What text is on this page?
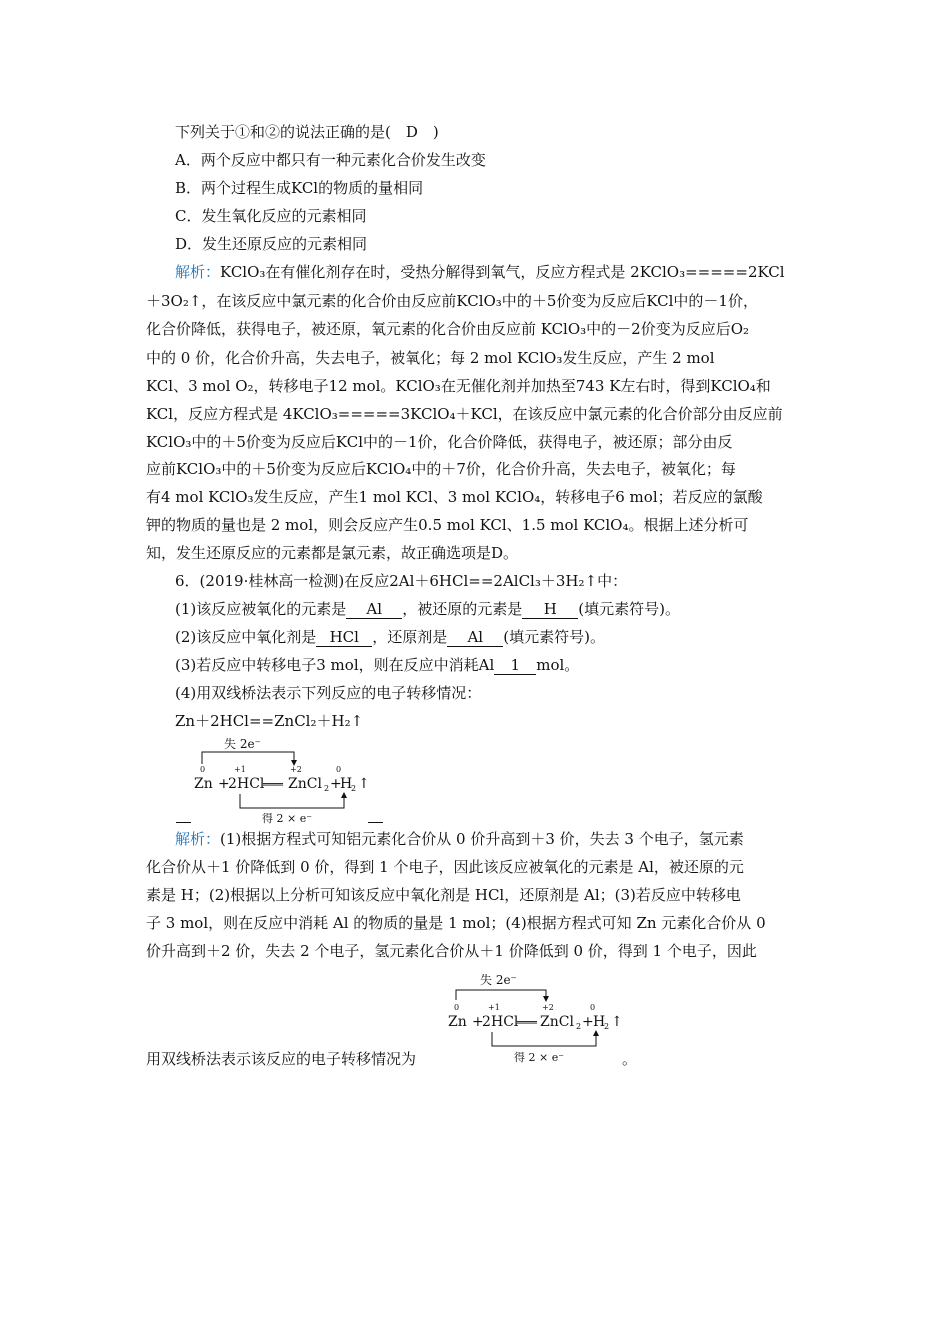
下列关于①和②的说法正确的是(　D　)
A．两个反应中都只有一种元素化合价发生改变
B．两个过程生成KCl的物质的量相同
C．发生氧化反应的元素相同
D．发生还原反应的元素相同
解析：KClO₃在有催化剂存在时，受热分解得到氧气，反应方程式是 2KClO₃=====2KCl
＋3O₂↑，在该反应中氯元素的化合价由反应前KClO₃中的＋5价变为反应后KCl中的－1价，
化合价降低，获得电子，被还原，氧元素的化合价由反应前 KClO₃中的－2价变为反应后O₂
中的 0 价，化合价升高，失去电子，被氧化；每 2 mol KClO₃发生反应，产生 2 mol
KCl、3 mol O₂，转移电子12 mol。KClO₃在无催化剂并加热至743 K左右时，得到KClO₄和
KCl，反应方程式是 4KClO₃=====3KClO₄＋KCl，在该反应中氯元素的化合价部分由反应前
KClO₃中的＋5价变为反应后KCl中的－1价，化合价降低，获得电子，被还原；部分由反
应前KClO₃中的＋5价变为反应后KClO₄中的＋7价，化合价升高，失去电子，被氧化；每
有4 mol KClO₃发生反应，产生1 mol KCl、3 mol KClO₄，转移电子6 mol；若反应的氯酸
钾的物质的量也是 2 mol，则会反应产生0.5 mol KCl、1.5 mol KClO₄。根据上述分析可
知，发生还原反应的元素都是氯元素，故正确选项是D。
6．(2019·桂林高一检测)在反应2Al＋6HCl==2AlCl₃＋3H₂↑中：
(1)该反应被氧化的元素是 Al ，被还原的元素是 H (填元素符号)。
(2)该反应中氧化剂是 HCl ，还原剂是 Al (填元素符号)。
(3)若反应中转移电子3 mol，则在反应中消耗Al 1 mol。
(4)用双线桥法表示下列反应的电子转移情况：
Zn＋2HCl==ZnCl₂＋H₂↑
失 2e⁻
0	+1	+2	0
Zn +
2 HCl
═══ ZnCl 2 +
H
2 ↑
得 2 × e⁻
解析：(1)根据方程式可知铝元素化合价从 0 价升高到＋3 价，失去 3 个电子，氢元素
化合价从＋1 价降低到 0 价，得到 1 个电子，因此该反应被氧化的元素是 Al，被还原的元
素是 H；(2)根据以上分析可知该反应中氧化剂是 HCl，还原剂是 Al；(3)若反应中转移电
子 3 mol，则在反应中消耗 Al 的物质的量是 1 mol；(4)根据方程式可知 Zn 元素化合价从 0
价升高到＋2 价，失去 2 个电子，氢元素化合价从＋1 价降低到 0 价，得到 1 个电子，因此
失 2e⁻
0	+1	+2	0
Zn +
2 HCl
═══ ZnCl 2 + H
2 ↑
得 2 × e⁻
用双线桥法表示该反应的电子转移情况为	。
